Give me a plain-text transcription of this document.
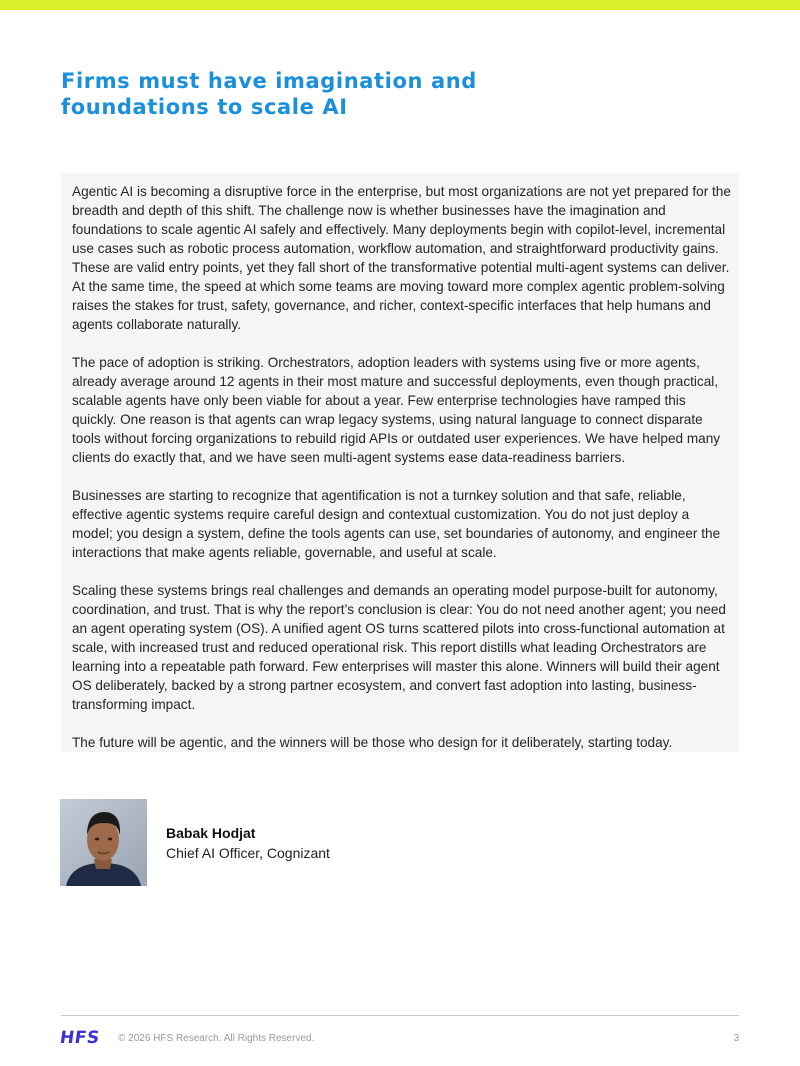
Firms must have imagination and foundations to scale AI

Agentic AI is becoming a disruptive force in the enterprise, but most organizations are not yet prepared for the breadth and depth of this shift. The challenge now is whether businesses have the imagination and foundations to scale agentic AI safely and effectively. Many deployments begin with copilot-level, incremental use cases such as robotic process automation, workflow automation, and straightforward productivity gains. These are valid entry points, yet they fall short of the transformative potential multi-agent systems can deliver. At the same time, the speed at which some teams are moving toward more complex agentic problem-solving raises the stakes for trust, safety, governance, and richer, context-specific interfaces that help humans and agents collaborate naturally.

The pace of adoption is striking. Orchestrators, adoption leaders with systems using five or more agents, already average around 12 agents in their most mature and successful deployments, even though practical, scalable agents have only been viable for about a year. Few enterprise technologies have ramped this quickly. One reason is that agents can wrap legacy systems, using natural language to connect disparate tools without forcing organizations to rebuild rigid APIs or outdated user experiences. We have helped many clients do exactly that, and we have seen multi-agent systems ease data-readiness barriers.

Businesses are starting to recognize that agentification is not a turnkey solution and that safe, reliable, effective agentic systems require careful design and contextual customization. You do not just deploy a model; you design a system, define the tools agents can use, set boundaries of autonomy, and engineer the interactions that make agents reliable, governable, and useful at scale.

Scaling these systems brings real challenges and demands an operating model purpose-built for autonomy, coordination, and trust. That is why the report’s conclusion is clear: You do not need another agent; you need an agent operating system (OS). A unified agent OS turns scattered pilots into cross-functional automation at scale, with increased trust and reduced operational risk. This report distills what leading Orchestrators are learning into a repeatable path forward. Few enterprises will master this alone. Winners will build their agent OS deliberately, backed by a strong partner ecosystem, and convert fast adoption into lasting, business-transforming impact.

The future will be agentic, and the winners will be those who design for it deliberately, starting today.

Babak Hodjat
Chief AI Officer, Cognizant
HFS © 2026 HFS Research. All Rights Reserved.	3
